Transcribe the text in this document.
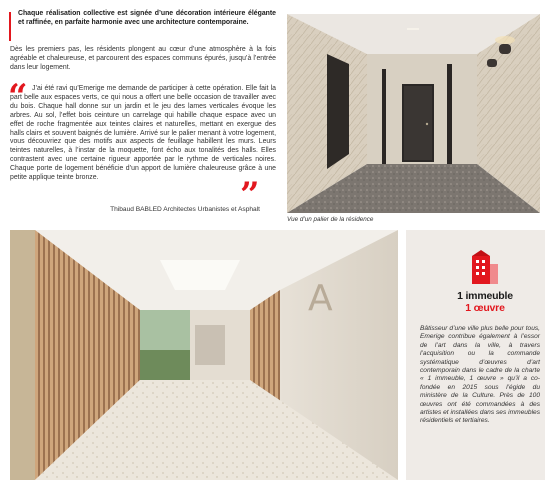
Chaque réalisation collective est signée d’une décoration intérieure élégante et raffinée, en parfaite harmonie avec une architecture contemporaine.

Dès les premiers pas, les résidents plongent au cœur d’une atmosphère à la fois agréable et chaleureuse, et parcourent des espaces communs épurés, jusqu’à l’entrée dans leur logement.

J’ai été ravi qu’Emerige me demande de participer à cette opération. Elle fait la part belle aux espaces verts, ce qui nous a offert une belle occasion de travailler avec du bois. Chaque hall donne sur un jardin et le jeu des lames verticales évoque les arbres. Au sol, l’effet bois ceinture un carrelage qui habille chaque espace avec un effet de roche fragmentée aux teintes claires et naturelles, mettant en exergue des halls clairs et souvent baignés de lumière. Arrivé sur le palier menant à votre logement, vous découvriez que des motifs aux aspects de feuillage habillent les murs. Leurs teintes naturelles, à l’instar de la moquette, font écho aux tonalités des halls. Elles contrastent avec une certaine rigueur apportée par le rythme de verticales noires. Chaque porte de logement bénéficie d’un apport de lumière chaleureuse grâce à une petite applique teinte bronze.

“
”
Thibaud BABLED Architectes Urbanistes et Asphalt
Vue d’un palier de la résidence
A	1 immeuble
1 œuvre

Bâtisseur d’une ville plus belle pour tous, Emerige contribue également à l’essor de l’art dans la ville, à travers l’acquisition ou la commande systématique d’œuvres d’art contemporain dans le cadre de la charte « 1 immeuble, 1 œuvre » qu’il a co-fondée en 2015 sous l’égide du ministère de la Culture. Près de 100 œuvres ont été commandées à des artistes et installées dans ses immeubles résidentiels et tertiaires.
